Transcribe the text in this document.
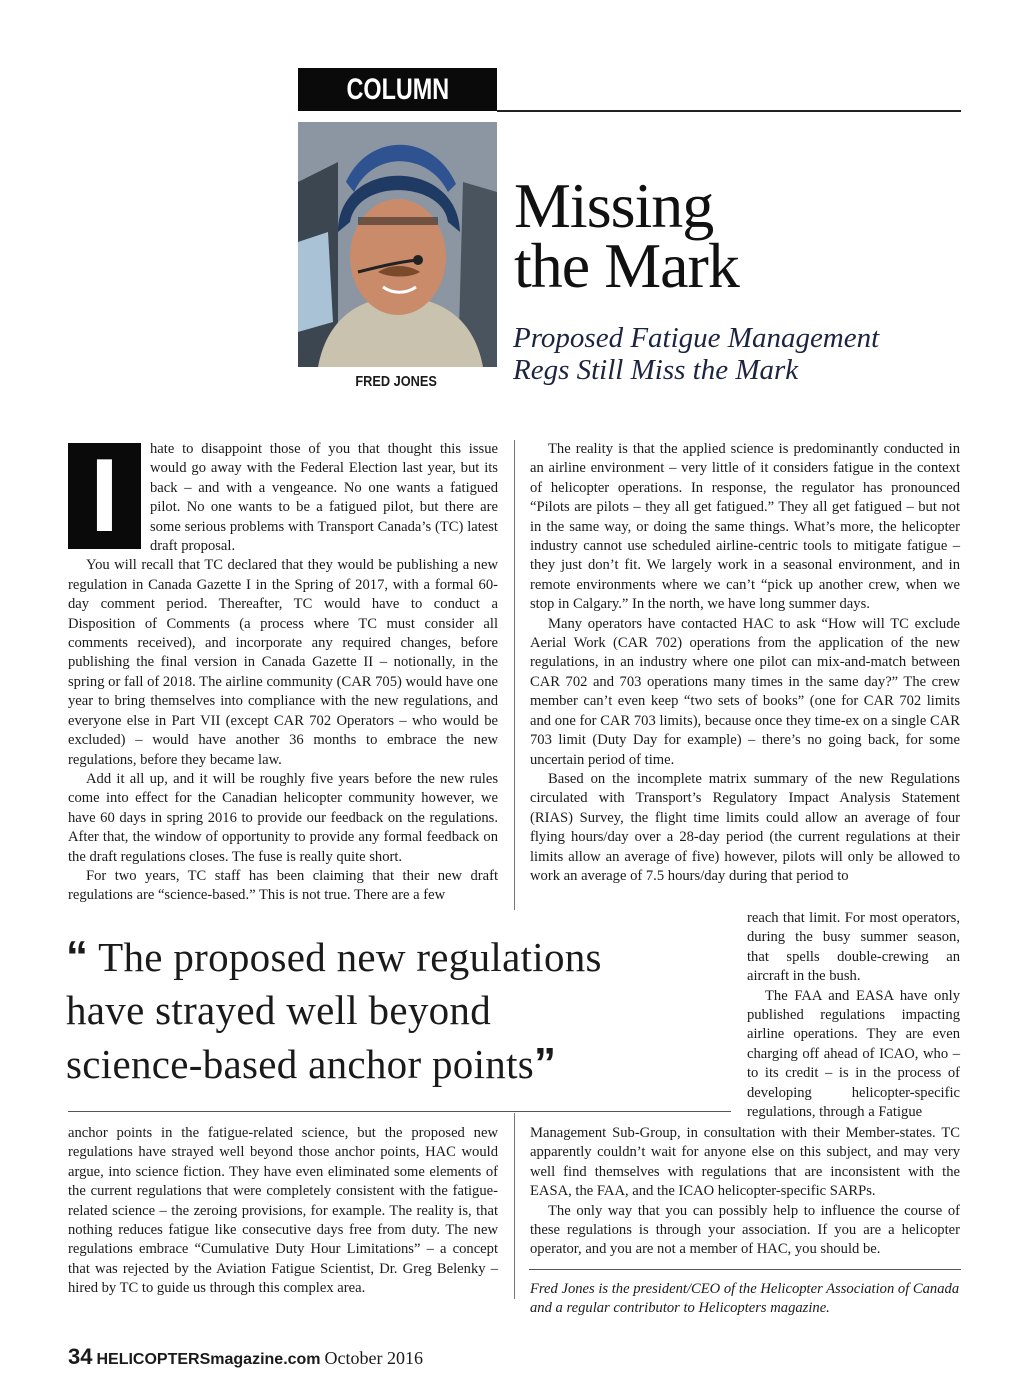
COLUMN
FRED JONES
Missing
the Mark
Proposed Fatigue Management
Regs Still Miss the Mark
I	hate to disappoint those of you that thought this issue would go away with the Federal Election last year, but its back – and with a vengeance. No one wants a fatigued pilot. No one wants to be a fatigued pilot, but there are some serious problems with Transport Canada’s (TC) latest draft proposal.

You will recall that TC declared that they would be publishing a new regulation in Canada Gazette I in the Spring of 2017, with a formal 60-day comment period. Thereafter, TC would have to conduct a Disposition of Comments (a process where TC must consider all comments received), and incorporate any required changes, before publishing the final version in Canada Gazette II – notionally, in the spring or fall of 2018. The airline community (CAR 705) would have one year to bring themselves into compliance with the new regulations, and everyone else in Part VII (except CAR 702 Operators – who would be excluded) – would have another 36 months to embrace the new regulations, before they became law.

Add it all up, and it will be roughly five years before the new rules come into effect for the Canadian helicopter community however, we have 60 days in spring 2016 to provide our feedback on the regulations. After that, the window of opportunity to provide any formal feedback on the draft regulations closes. The fuse is really quite short.

For two years, TC staff has been claiming that their new draft regulations are “science-based.” This is not true. There are a few

The reality is that the applied science is predominantly conducted in an airline environment – very little of it considers fatigue in the context of helicopter operations. In response, the regulator has pronounced “Pilots are pilots – they all get fatigued.” They all get fatigued – but not in the same way, or doing the same things. What’s more, the helicopter industry cannot use scheduled airline-centric tools to mitigate fatigue – they just don’t fit. We largely work in a seasonal environment, and in remote environments where we can’t “pick up another crew, when we stop in Calgary.” In the north, we have long summer days.

Many operators have contacted HAC to ask “How will TC exclude Aerial Work (CAR 702) operations from the application of the new regulations, in an industry where one pilot can mix-and-match between CAR 702 and 703 operations many times in the same day?” The crew member can’t even keep “two sets of books” (one for CAR 702 limits and one for CAR 703 limits), because once they time-ex on a single CAR 703 limit (Duty Day for example) – there’s no going back, for some uncertain period of time.

Based on the incomplete matrix summary of the new Regulations circulated with Transport’s Regulatory Impact Analysis Statement (RIAS) Survey, the flight time limits could allow an average of four flying hours/day over a 28-day period (the current regulations at their limits allow an average of five) however, pilots will only be allowed to work an average of 7.5 hours/day during that period to

reach that limit. For most operators, during the busy summer season, that spells double-crewing an aircraft in the bush.

The FAA and EASA have only published regulations impacting airline operations. They are even charging off ahead of ICAO, who – to its credit – is in the process of developing helicopter-specific regulations, through a Fatigue

“ The proposed new regulations
have strayed well beyond
science-based anchor points”

anchor points in the fatigue-related science, but the proposed new regulations have strayed well beyond those anchor points, HAC would argue, into science fiction. They have even eliminated some elements of the current regulations that were completely consistent with the fatigue-related science – the zeroing provisions, for example. The reality is, that nothing reduces fatigue like consecutive days free from duty. The new regulations embrace “Cumulative Duty Hour Limitations” – a concept that was rejected by the Aviation Fatigue Scientist, Dr. Greg Belenky – hired by TC to guide us through this complex area.

Management Sub-Group, in consultation with their Member-states. TC apparently couldn’t wait for anyone else on this subject, and may very well find themselves with regulations that are inconsistent with the EASA, the FAA, and the ICAO helicopter-specific SARPs.

The only way that you can possibly help to influence the course of these regulations is through your association. If you are a helicopter operator, and you are not a member of HAC, you should be.

Fred Jones is the president/CEO of the Helicopter Association of Canada and a regular contributor to Helicopters magazine.
34 HELICOPTERSmagazine.com October 2016
